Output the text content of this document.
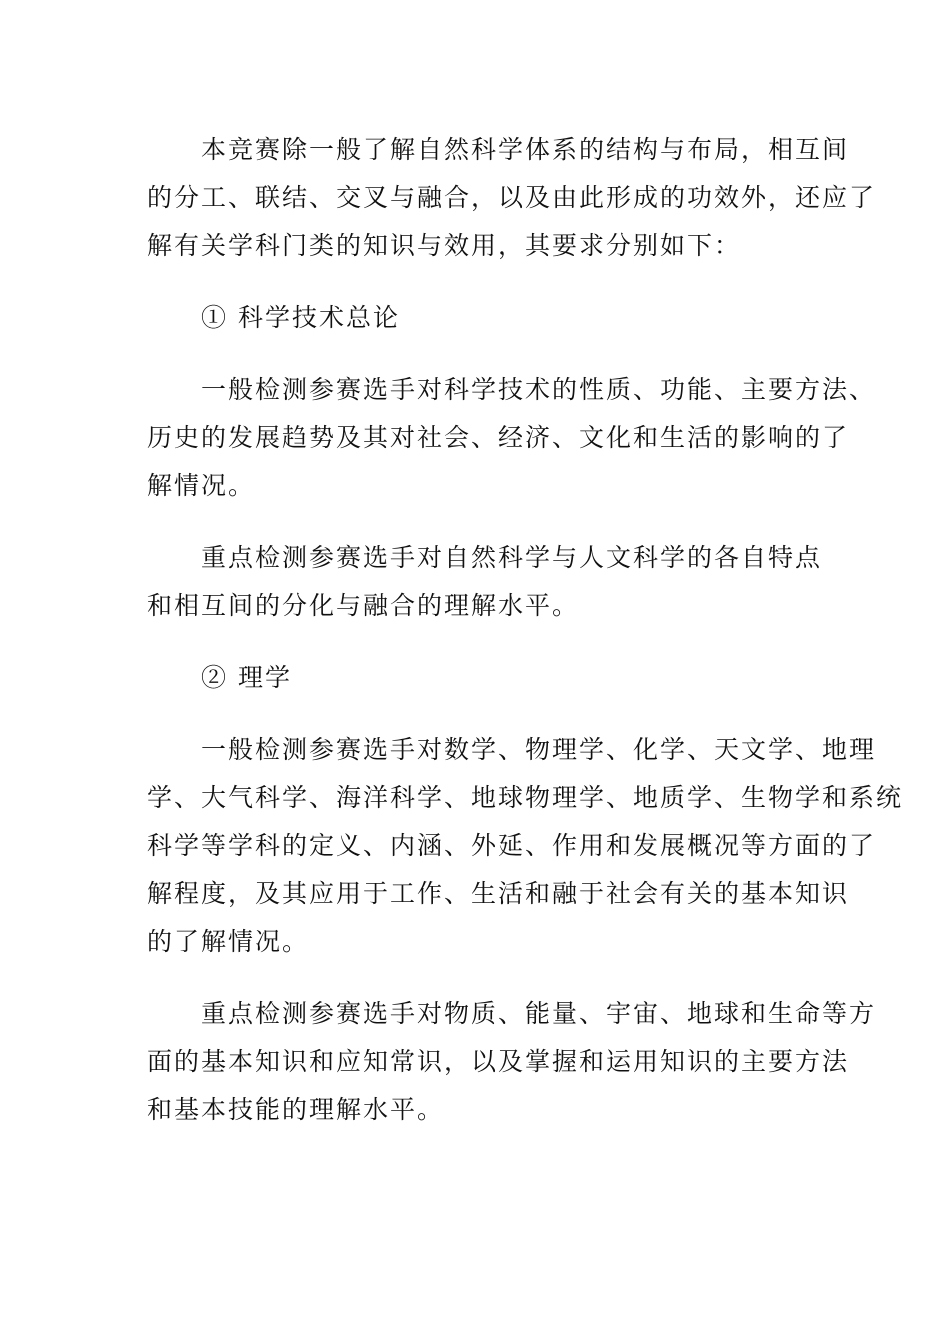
本竞赛除一般了解自然科学体系的结构与布局，相互间
的分工、联结、交叉与融合，以及由此形成的功效外，还应了
解有关学科门类的知识与效用，其要求分别如下：
① 科学技术总论
一般检测参赛选手对科学技术的性质、功能、主要方法、
历史的发展趋势及其对社会、经济、文化和生活的影响的了
解情况。
重点检测参赛选手对自然科学与人文科学的各自特点
和相互间的分化与融合的理解水平。
② 理学
一般检测参赛选手对数学、物理学、化学、天文学、地理
学、大气科学、海洋科学、地球物理学、地质学、生物学和系统
科学等学科的定义、内涵、外延、作用和发展概况等方面的了
解程度，及其应用于工作、生活和融于社会有关的基本知识
的了解情况。
重点检测参赛选手对物质、能量、宇宙、地球和生命等方
面的基本知识和应知常识，以及掌握和运用知识的主要方法
和基本技能的理解水平。
